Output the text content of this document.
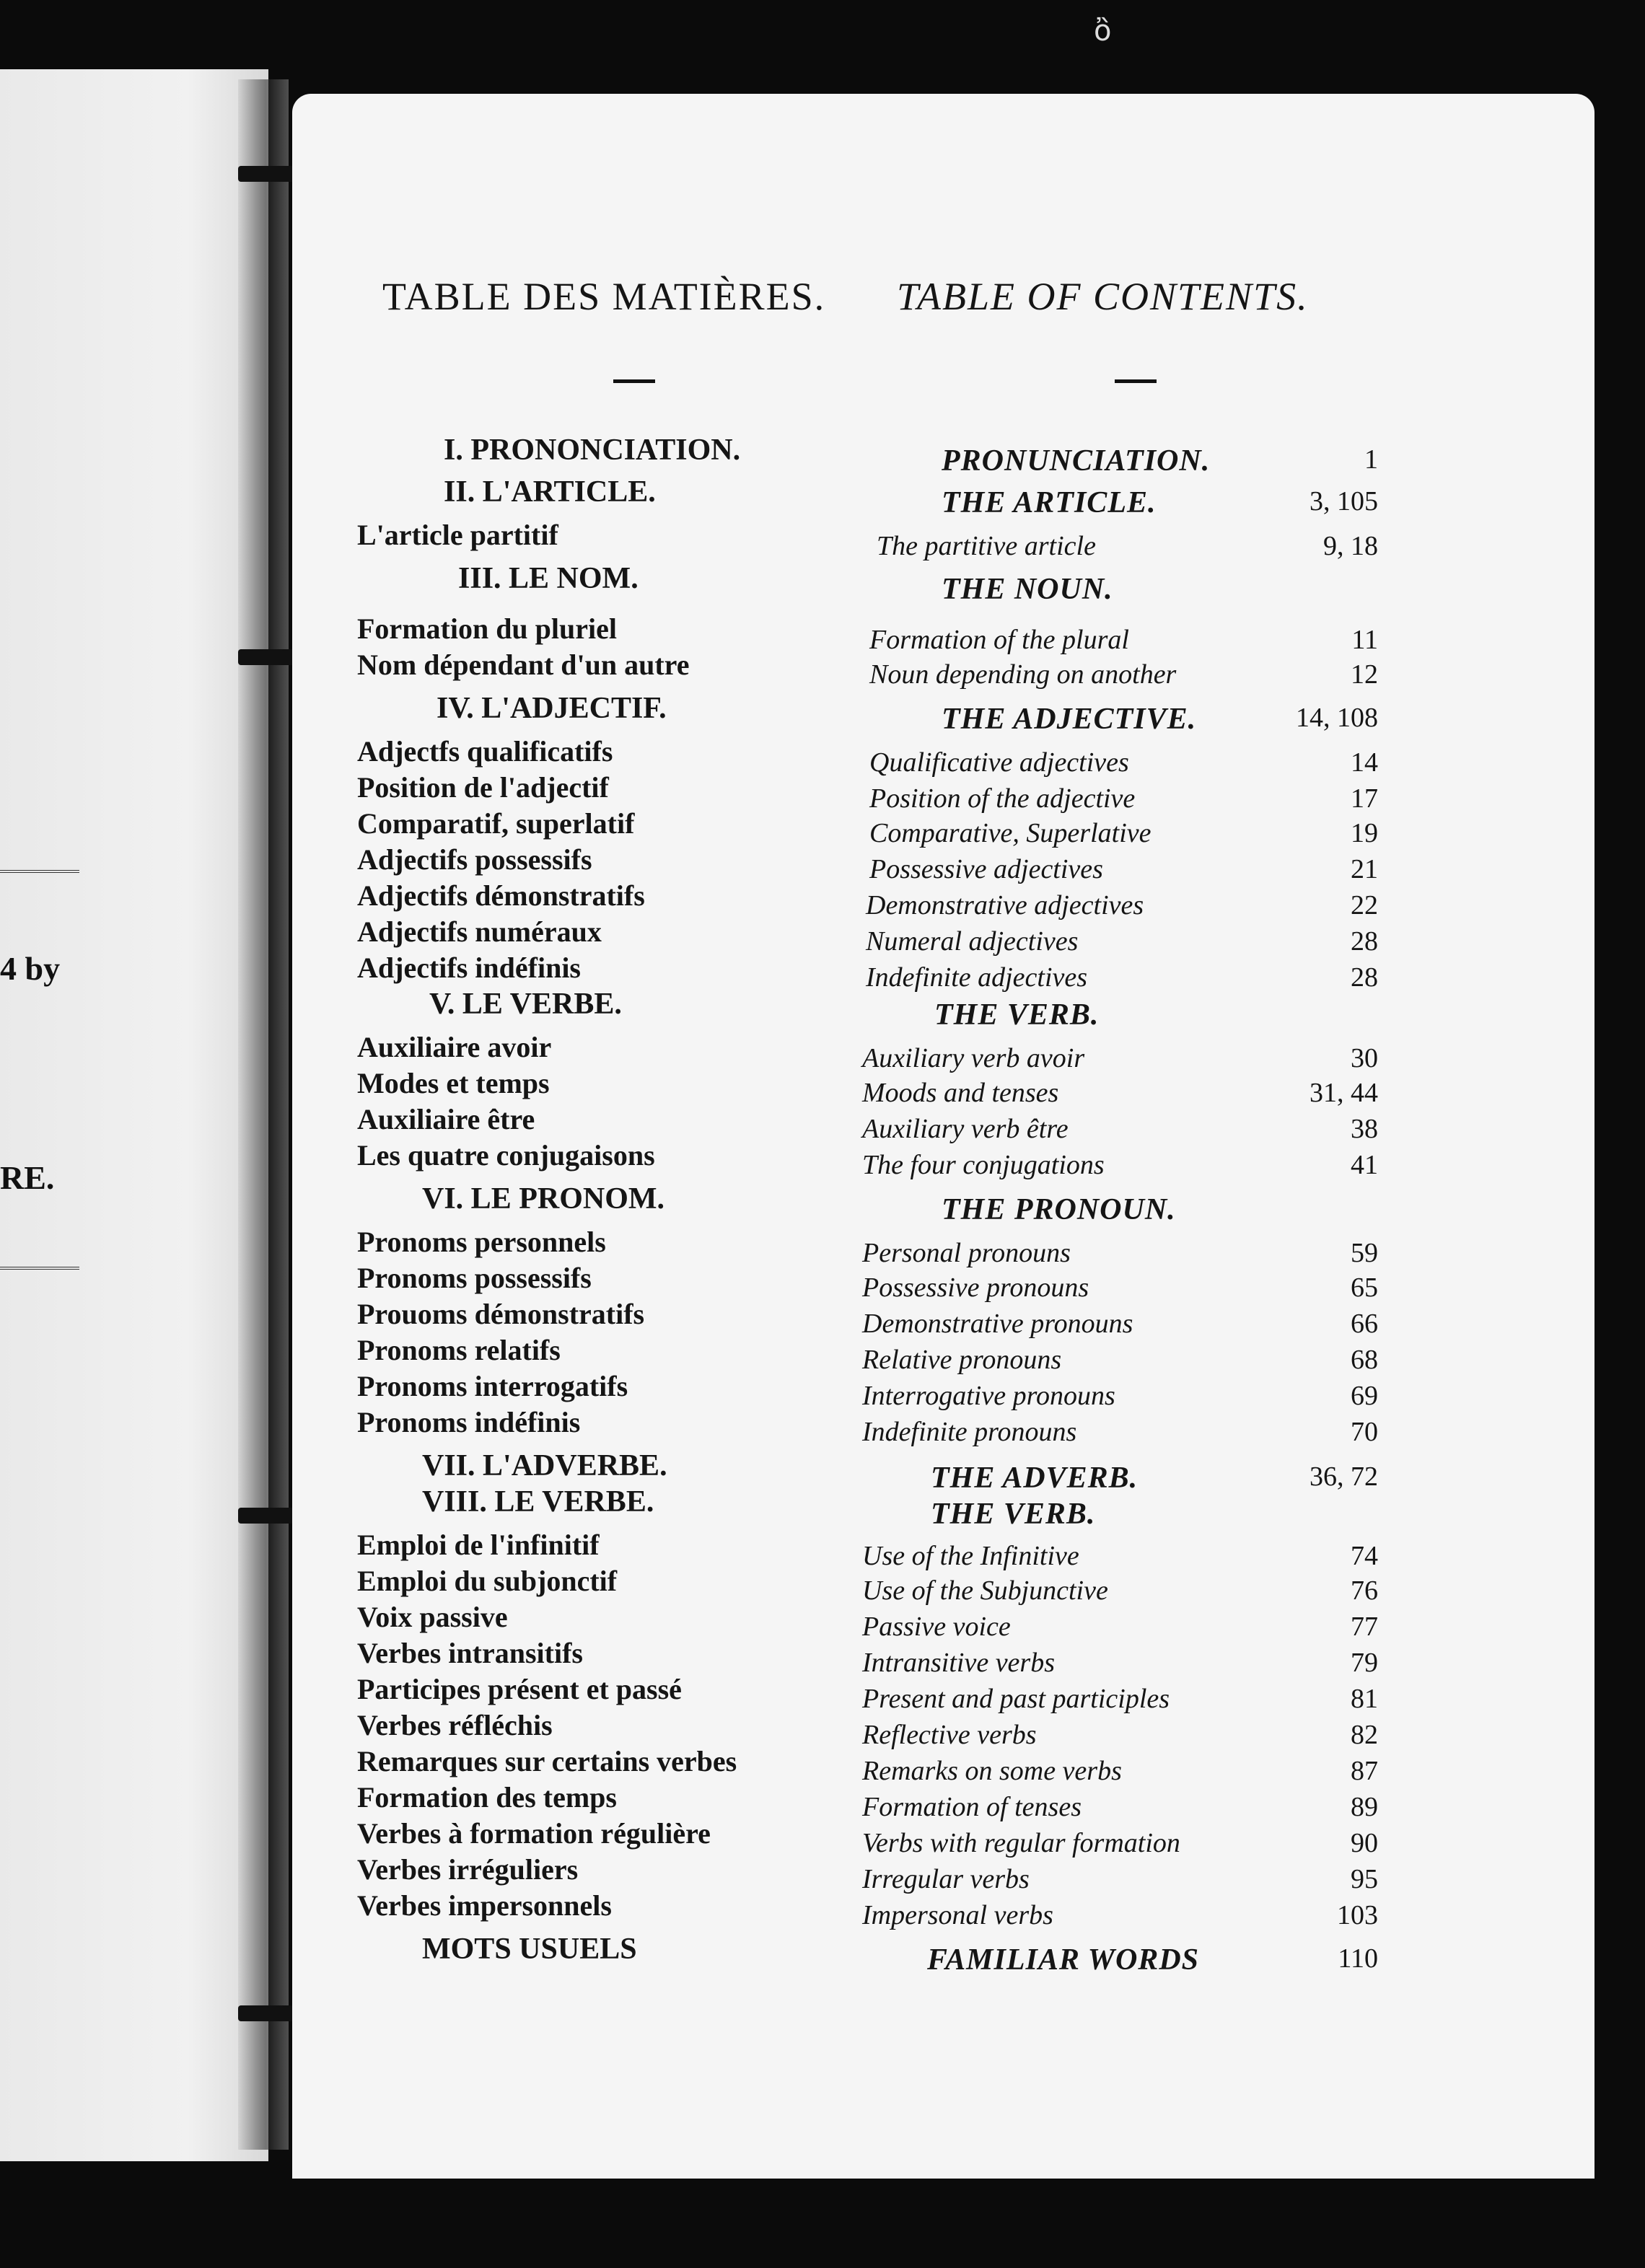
ὂ
4 by
RE.
TABLE DES MATIÈRES. TABLE OF CONTENTS.
I. PRONONCIATION.
II. L'ARTICLE.
L'article partitif
III. LE NOM.
Formation du pluriel
Nom dépendant d'un autre
IV. L'ADJECTIF.
Adjectfs qualificatifs
Position de l'adjectif
Comparatif, superlatif
Adjectifs possessifs
Adjectifs démonstratifs
Adjectifs numéraux
Adjectifs indéfinis
V. LE VERBE.
Auxiliaire avoir
Modes et temps
Auxiliaire être
Les quatre conjugaisons
VI. LE PRONOM.
Pronoms personnels
Pronoms possessifs
Prouoms démonstratifs
Pronoms relatifs
Pronoms interrogatifs
Pronoms indéfinis
VII. L'ADVERBE.
VIII. LE VERBE.
Emploi de l'infinitif
Emploi du subjonctif
Voix passive
Verbes intransitifs
Participes présent et passé
Verbes réfléchis
Remarques sur certains verbes
Formation des temps
Verbes à formation régulière
Verbes irréguliers
Verbes impersonnels
MOTS USUELS
PRONUNCIATION.
THE ARTICLE.
The partitive article
THE NOUN.
Formation of the plural
Noun depending on another
THE ADJECTIVE.
Qualificative adjectives
Position of the adjective
Comparative, Superlative
Possessive adjectives
Demonstrative adjectives
Numeral adjectives
Indefinite adjectives
THE VERB.
Auxiliary verb avoir
Moods and tenses
Auxiliary verb être
The four conjugations
THE PRONOUN.
Personal pronouns
Possessive pronouns
Demonstrative pronouns
Relative pronouns
Interrogative pronouns
Indefinite pronouns
THE ADVERB.
THE VERB.
Use of the Infinitive
Use of the Subjunctive
Passive voice
Intransitive verbs
Present and past participles
Reflective verbs
Remarks on some verbs
Formation of tenses
Verbs with regular formation
Irregular verbs
Impersonal verbs
FAMILIAR WORDS
1
3, 105
9, 18
11
12
14, 108
14
17
19
21
22
28
28
30
31, 44
38
41
59
65
66
68
69
70
36, 72
74
76
77
79
81
82
87
89
90
95
103
110
